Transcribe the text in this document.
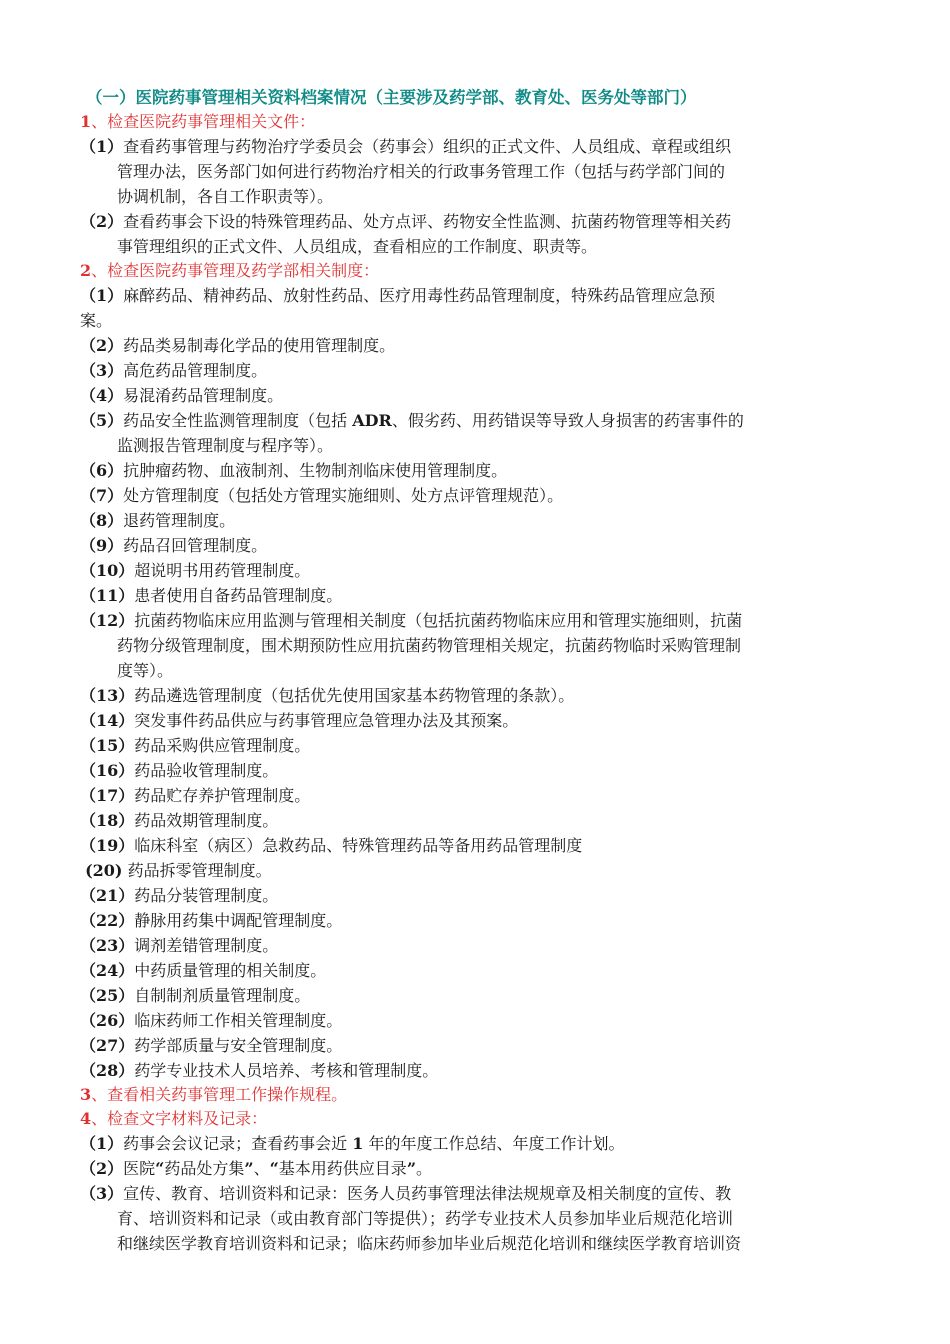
（一）医院药事管理相关资料档案情况（主要涉及药学部、教育处、医务处等部门）
1、检查医院药事管理相关文件：
（1）查看药事管理与药物治疗学委员会（药事会）组织的正式文件、人员组成、章程或组织
管理办法，医务部门如何进行药物治疗相关的行政事务管理工作（包括与药学部门间的
协调机制，各自工作职责等）。
（2）查看药事会下设的特殊管理药品、处方点评、药物安全性监测、抗菌药物管理等相关药
事管理组织的正式文件、人员组成，查看相应的工作制度、职责等。
2、检查医院药事管理及药学部相关制度：
（1）麻醉药品、精神药品、放射性药品、医疗用毒性药品管理制度，特殊药品管理应急预
案。
（2）药品类易制毒化学品的使用管理制度。
（3）高危药品管理制度。
（4）易混淆药品管理制度。
（5）药品安全性监测管理制度（包括 ADR、假劣药、用药错误等导致人身损害的药害事件的
监测报告管理制度与程序等）。
（6）抗肿瘤药物、血液制剂、生物制剂临床使用管理制度。
（7）处方管理制度（包括处方管理实施细则、处方点评管理规范）。
（8）退药管理制度。
（9）药品召回管理制度。
（10）超说明书用药管理制度。
（11）患者使用自备药品管理制度。
（12）抗菌药物临床应用监测与管理相关制度（包括抗菌药物临床应用和管理实施细则，抗菌
药物分级管理制度，围术期预防性应用抗菌药物管理相关规定，抗菌药物临时采购管理制
度等）。
（13）药品遴选管理制度（包括优先使用国家基本药物管理的条款）。
（14）突发事件药品供应与药事管理应急管理办法及其预案。
（15）药品采购供应管理制度。
（16）药品验收管理制度。
（17）药品贮存养护管理制度。
（18）药品效期管理制度。
（19）临床科室（病区）急救药品、特殊管理药品等备用药品管理制度
(20) 药品拆零管理制度。
（21）药品分装管理制度。
（22）静脉用药集中调配管理制度。
（23）调剂差错管理制度。
（24）中药质量管理的相关制度。
（25）自制制剂质量管理制度。
（26）临床药师工作相关管理制度。
（27）药学部质量与安全管理制度。
（28）药学专业技术人员培养、考核和管理制度。
3、查看相关药事管理工作操作规程。
4、检查文字材料及记录：
（1）药事会会议记录；查看药事会近 1 年的年度工作总结、年度工作计划。
（2）医院“药品处方集”、“基本用药供应目录”。
（3）宣传、教育、培训资料和记录：医务人员药事管理法律法规规章及相关制度的宣传、教
育、培训资料和记录（或由教育部门等提供）；药学专业技术人员参加毕业后规范化培训
和继续医学教育培训资料和记录；临床药师参加毕业后规范化培训和继续医学教育培训资
